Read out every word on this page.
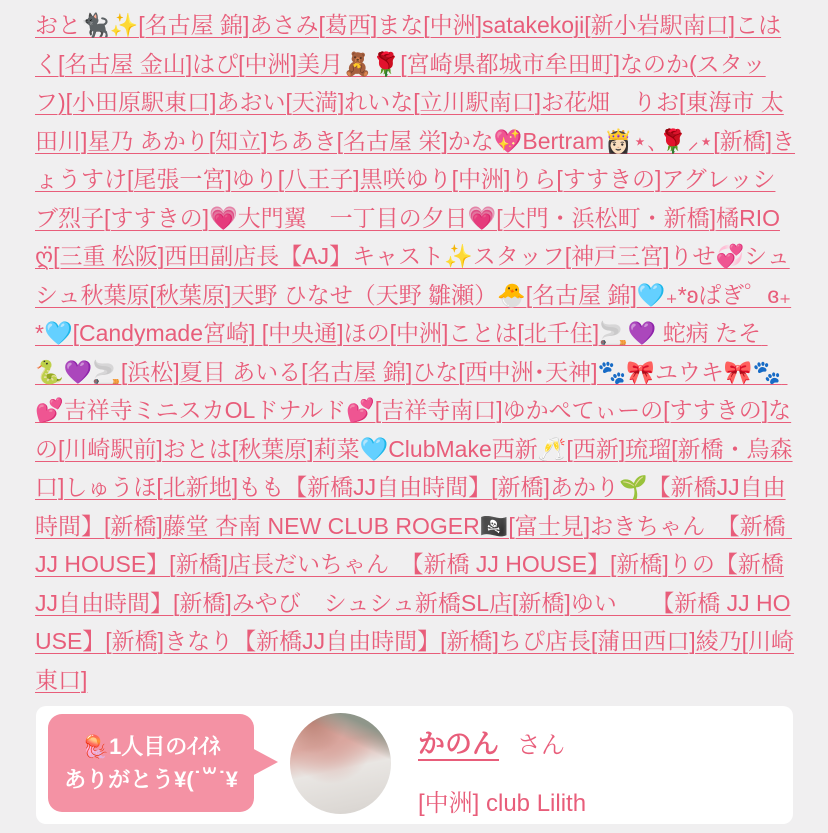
おと🐈‍⬛✨[名古屋 錦]あさみ[葛西]まな[中洲]satakekoji[新小岩駅南口]こはく[名古屋 金山]はぴ[中洲]美月🧸🌹[宮崎県都城市牟田町]なのか(スタッフ)[小田原駅東口]あおい[天満]れいな[立川駅南口]お花畑　りお[東海市 太田川]星乃 あかり[知立]ちあき[名古屋 栄]かな💖Bertram👸🏻⋆､🌹⸝⋆[新橋]きょうすけ[尾張一宮]ゆり[八王子]黒咲ゆり[中洲]りら[すすきの]アグレッシブ烈子[すすきの]💗大門翼　一丁目の夕日💗[大門・浜松町・新橋]橘RIOღ̈[三重 松阪]西田副店長【AJ】キャスト✨スタッフ[神戸三宮]りせ💞シュシュ秋葉原[秋葉原]天野 ひなせ（天野 雛瀬）🐣[名古屋 錦]🩵₊*ʚぱぎ゜ɞ₊*🩵[Candymade宮崎] [中央通]ほの[中洲]ことは[北千住]🚬💜 蛇病 たそ 🐍💜🚬[浜松]夏目 あいる[名古屋 錦]ひな[西中洲･天神]🐾🎀ユウキ🎀🐾 💕吉祥寺ミニスカOLドナルド💕[吉祥寺南口]ゆかぺてぃーの[すすきの]なの[川崎駅前]おとは[秋葉原]莉菜🩵ClubMake西新🥂[西新]琉瑠[新橋・烏森口]しゅうほ[北新地]もも【新橋JJ自由時間】[新橋]あかり🌱【新橋JJ自由時間】[新橋]藤堂 杏南 NEW CLUB ROGER🏴‍☠️[富士見]おきちゃん　【新橋 JJ HOUSE】[新橋]店長だいちゃん　【新橋 JJ HOUSE】[新橋]りの【新橋JJ自由時間】[新橋]みやび　シュシュ新橋SL店[新橋]ゆい　　【新橋 JJ HOUSE】[新橋]きなり【新橋JJ自由時間】[新橋]ちぴ店長[蒲田西口]綾乃[川崎東口]
🪼1人目のｲｲﾈ
ありがとう¥(˙꒳˙¥
かのん さん
[中洲] club Lilith
